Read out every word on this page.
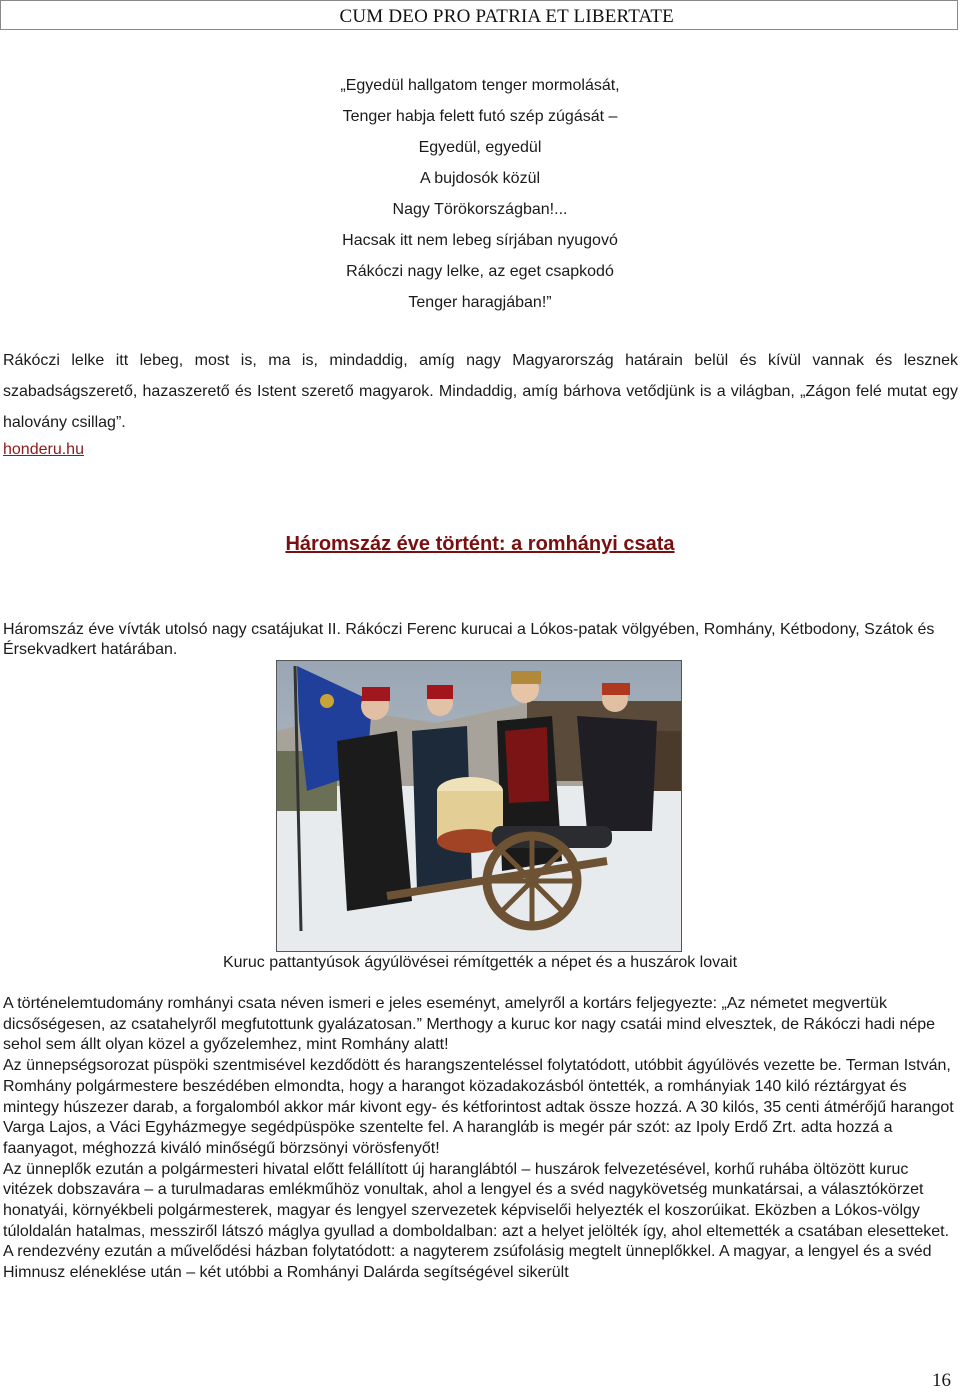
CUM DEO PRO PATRIA ET LIBERTATE
„Egyedül hallgatom tenger mormolását,
Tenger habja felett futó szép zúgását –
Egyedül, egyedül
A bujdosók közül
Nagy Törökországban!...
Hacsak itt nem lebeg sírjában nyugovó
Rákóczi nagy lelke, az eget csapkodó
Tenger haragjában!”
Rákóczi lelke itt lebeg, most is, ma is, mindaddig, amíg nagy Magyarország határain belül és kívül vannak és lesznek szabadságszerető, hazaszerető és Istent szerető magyarok. Mindaddig, amíg bárhova vetődjünk is a világban, „Zágon felé mutat egy halovány csillag”.
honderu.hu
Háromszáz éve történt: a romhányi csata
Háromszáz éve vívták utolsó nagy csatájukat II. Rákóczi Ferenc kurucai a Lókos-patak völgyében, Romhány, Kétbodony, Szátok és Érsekvadkert határában.
Kuruc pattantyúsok ágyúlövései rémítgették a népet és a huszárok lovait

A történelemtudomány romhányi csata néven ismeri e jeles eseményt, amelyről a kortárs feljegyezte: „Az németet megvertük dicsőségesen, az csatahelyről megfutottunk gyalázatosan.” Merthogy a kuruc kor nagy csatái mind elvesztek, de Rákóczi hadi népe sehol sem állt olyan közel a győzelemhez, mint Romhány alatt!

Az ünnepségsorozat püspöki szentmisével kezdődött és harangszenteléssel folytatódott, utóbbit ágyúlövés vezette be. Terman István, Romhány polgármestere beszédében elmondta, hogy a harangot közadakozásból öntették, a romhányiak 140 kiló réztárgyat és mintegy húszezer darab, a forgalomból akkor már kivont egy- és kétforintost adtak össze hozzá. A 30 kilós, 35 centi átmérőjű harangot Varga Lajos, a Váci Egyházmegye segédpüspöke szentelte fel. A haranglάb is megér pár szót: az Ipoly Erdő Zrt. adta hozzá a faanyagot, méghozzá kiváló minőségű börzsönyi vörösfenyőt!

Az ünneplők ezután a polgármesteri hivatal előtt felállított új haranglábtól – huszárok felvezetésével, korhű ruhába öltözött kuruc vitézek dobszavára – a turulmadaras emlékműhöz vonultak, ahol a lengyel és a svéd nagykövetség munkatársai, a választókörzet honatyái, környékbeli polgármesterek, magyar és lengyel szervezetek képviselői helyezték el koszorúikat. Eközben a Lókos-völgy túloldalán hatalmas, messziről látszó máglya gyullad a domboldalban: azt a helyet jelölték így, ahol eltemették a csatában elesetteket.

A rendezvény ezután a művelődési házban folytatódott: a nagyterem zsúfolásig megtelt ünneplőkkel. A magyar, a lengyel és a svéd Himnusz eléneklése után – két utóbbi a Romhányi Dalárda segítségével sikerült

16
